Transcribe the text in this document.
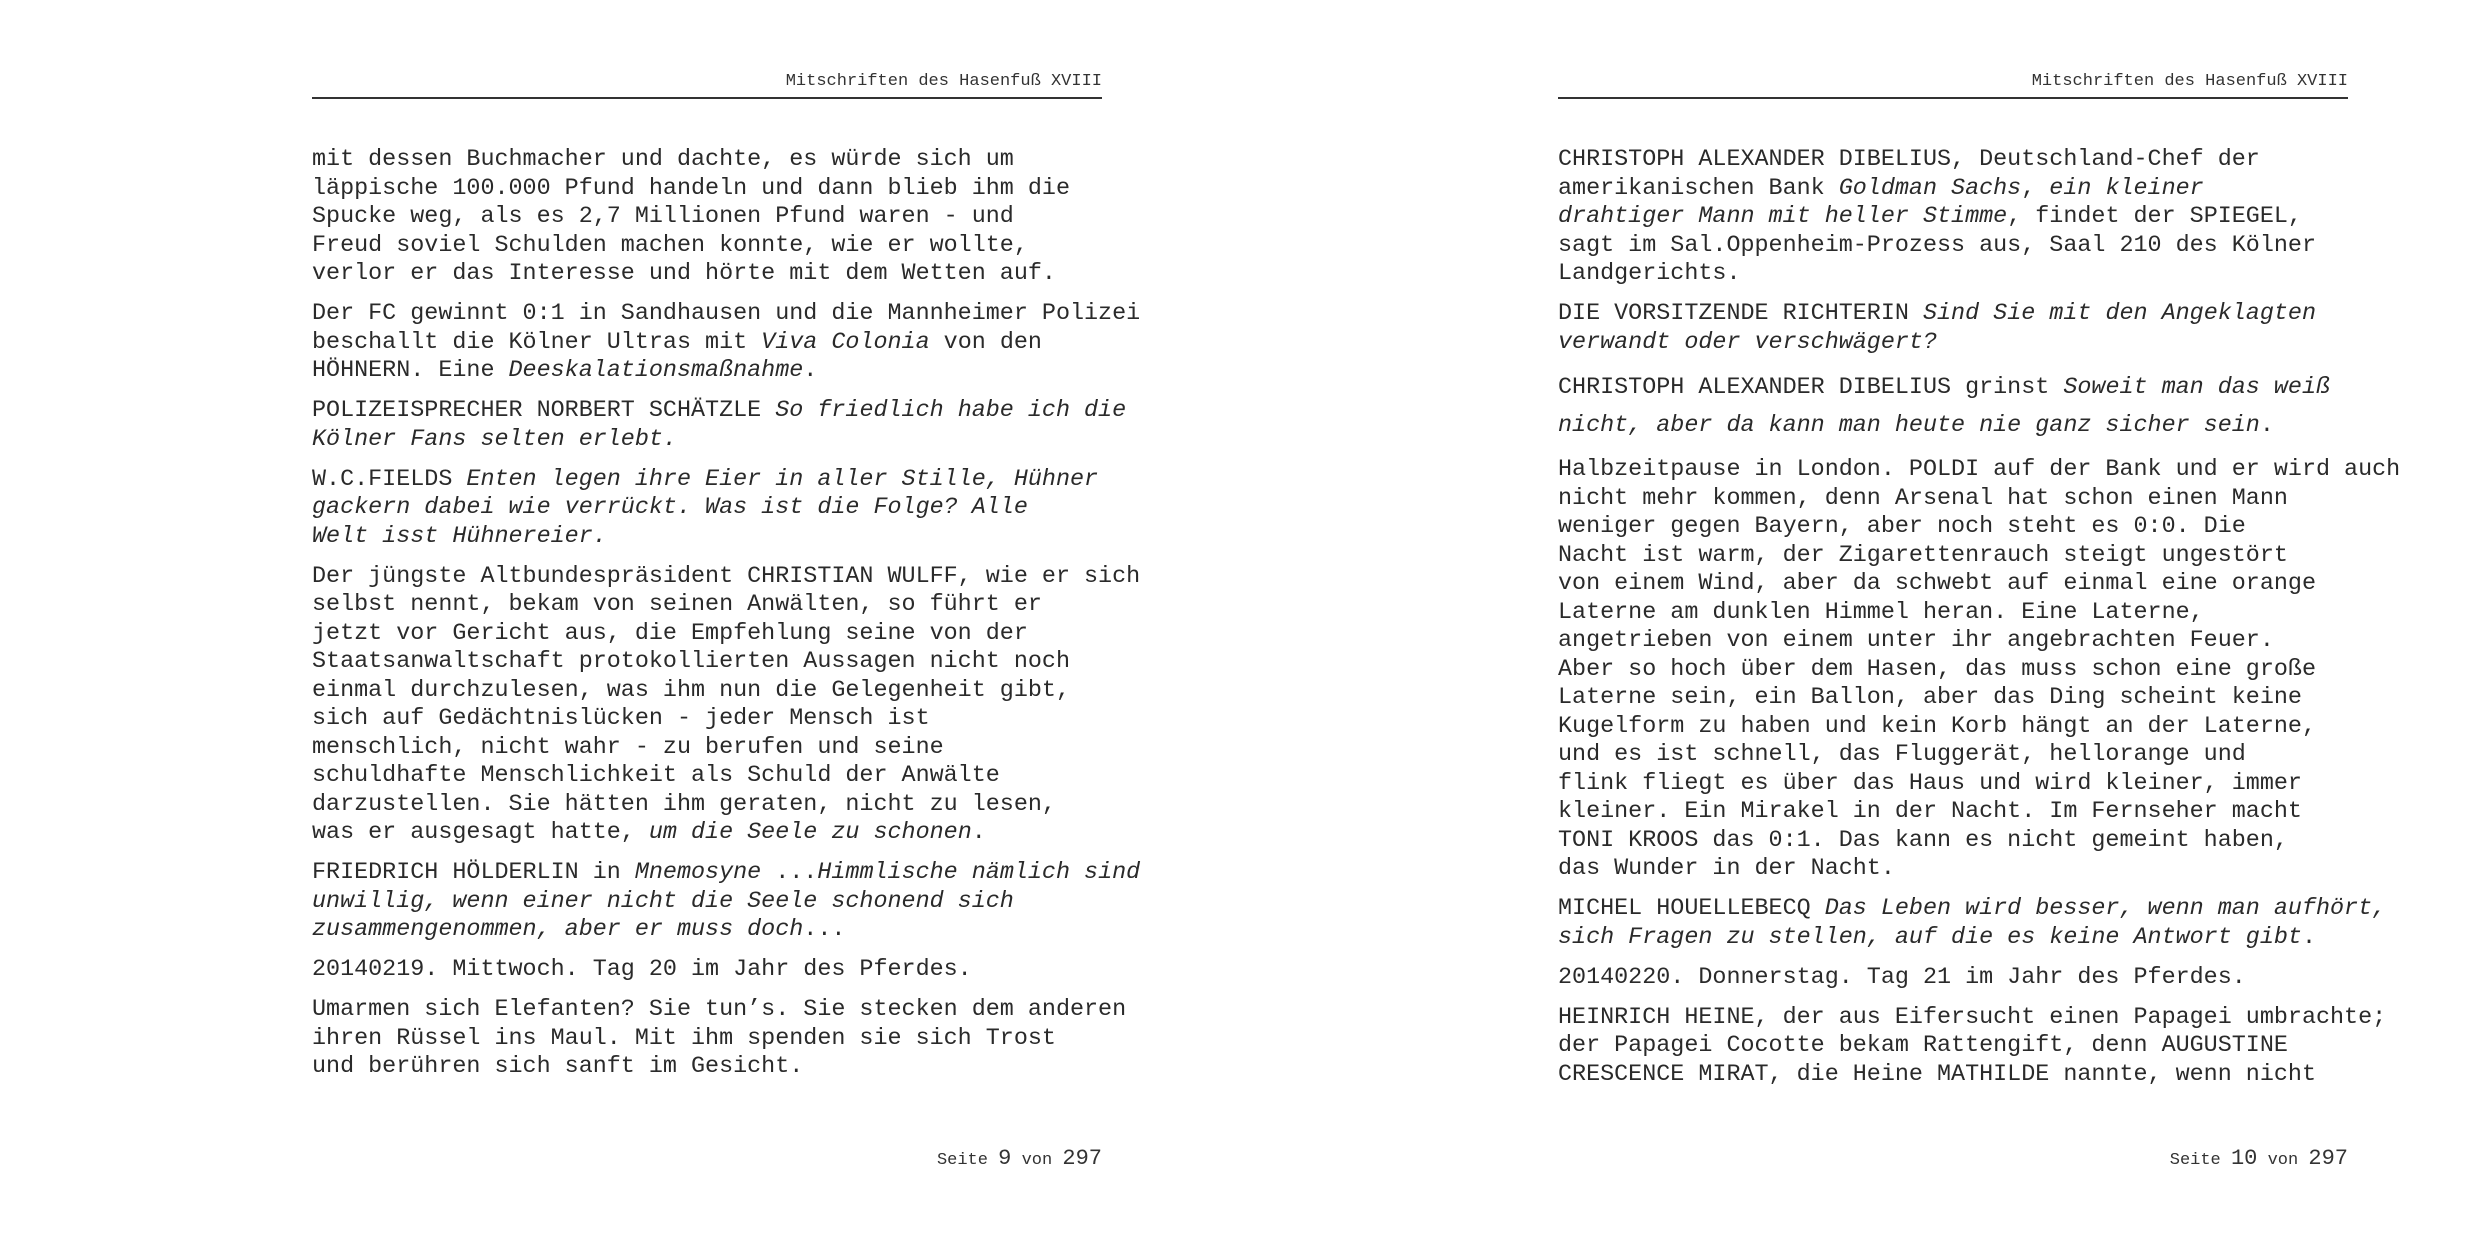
Mitschriften des Hasenfuß XVIII
mit dessen Buchmacher und dachte, es würde sich um
läppische 100.000 Pfund handeln und dann blieb ihm die
Spucke weg, als es 2,7 Millionen Pfund waren - und
Freud soviel Schulden machen konnte, wie er wollte,
verlor er das Interesse und hörte mit dem Wetten auf.
Der FC gewinnt 0:1 in Sandhausen und die Mannheimer Polizei
beschallt die Kölner Ultras mit Viva Colonia von den
HÖHNERN. Eine Deeskalationsmaßnahme.
POLIZEISPRECHER NORBERT SCHÄTZLE So friedlich habe ich die
Kölner Fans selten erlebt.
W.C.FIELDS Enten legen ihre Eier in aller Stille, Hühner
gackern dabei wie verrückt. Was ist die Folge? Alle
Welt isst Hühnereier.
Der jüngste Altbundespräsident CHRISTIAN WULFF, wie er sich
selbst nennt, bekam von seinen Anwälten, so führt er
jetzt vor Gericht aus, die Empfehlung seine von der
Staatsanwaltschaft protokollierten Aussagen nicht noch
einmal durchzulesen, was ihm nun die Gelegenheit gibt,
sich auf Gedächtnislücken - jeder Mensch ist
menschlich, nicht wahr - zu berufen und seine
schuldhafte Menschlichkeit als Schuld der Anwälte
darzustellen. Sie hätten ihm geraten, nicht zu lesen,
was er ausgesagt hatte, um die Seele zu schonen.
FRIEDRICH HÖLDERLIN in Mnemosyne ...Himmlische nämlich sind
unwillig, wenn einer nicht die Seele schonend sich
zusammengenommen, aber er muss doch...
20140219. Mittwoch. Tag 20 im Jahr des Pferdes.
Umarmen sich Elefanten? Sie tun’s. Sie stecken dem anderen
ihren Rüssel ins Maul. Mit ihm spenden sie sich Trost
und berühren sich sanft im Gesicht.
Seite 9 von 297
Mitschriften des Hasenfuß XVIII
CHRISTOPH ALEXANDER DIBELIUS, Deutschland-Chef der
amerikanischen Bank Goldman Sachs, ein kleiner
drahtiger Mann mit heller Stimme, findet der SPIEGEL,
sagt im Sal.Oppenheim-Prozess aus, Saal 210 des Kölner
Landgerichts.
DIE VORSITZENDE RICHTERIN Sind Sie mit den Angeklagten
verwandt oder verschwägert?
CHRISTOPH ALEXANDER DIBELIUS grinst Soweit man das weiß
nicht, aber da kann man heute nie ganz sicher sein.
Halbzeitpause in London. POLDI auf der Bank und er wird auch
nicht mehr kommen, denn Arsenal hat schon einen Mann
weniger gegen Bayern, aber noch steht es 0:0. Die
Nacht ist warm, der Zigarettenrauch steigt ungestört
von einem Wind, aber da schwebt auf einmal eine orange
Laterne am dunklen Himmel heran. Eine Laterne,
angetrieben von einem unter ihr angebrachten Feuer.
Aber so hoch über dem Hasen, das muss schon eine große
Laterne sein, ein Ballon, aber das Ding scheint keine
Kugelform zu haben und kein Korb hängt an der Laterne,
und es ist schnell, das Fluggerät, hellorange und
flink fliegt es über das Haus und wird kleiner, immer
kleiner. Ein Mirakel in der Nacht. Im Fernseher macht
TONI KROOS das 0:1. Das kann es nicht gemeint haben,
das Wunder in der Nacht.
MICHEL HOUELLEBECQ Das Leben wird besser, wenn man aufhört,
sich Fragen zu stellen, auf die es keine Antwort gibt.
20140220. Donnerstag. Tag 21 im Jahr des Pferdes.
HEINRICH HEINE, der aus Eifersucht einen Papagei umbrachte;
der Papagei Cocotte bekam Rattengift, denn AUGUSTINE
CRESCENCE MIRAT, die Heine MATHILDE nannte, wenn nicht
Seite 10 von 297
